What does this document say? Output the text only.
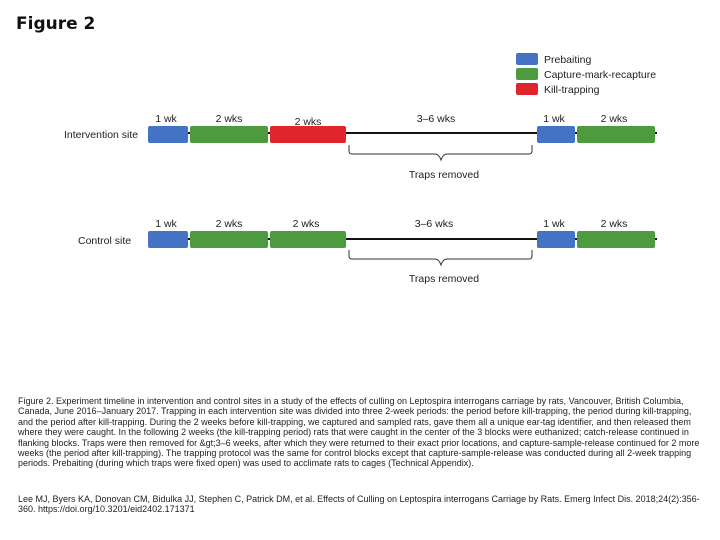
Figure 2
Prebaiting
Capture-mark-recapture
Kill-trapping
Intervention site
1 wk	2 wks	2 wks	3–6 wks	1 wk	2 wks
Traps removed
Control site
1 wk	2 wks	2 wks	3–6 wks	1 wk	2 wks
Traps removed
Figure 2. Experiment timeline in intervention and control sites in a study of the effects of culling on Leptospira interrogans carriage by rats, Vancouver, British Columbia, Canada, June 2016–January 2017. Trapping in each intervention site was divided into three 2-week periods: the period before kill-trapping, the period during kill-trapping, and the period after kill-trapping. During the 2 weeks before kill-trapping, we captured and sampled rats, gave them all a unique ear-tag identifier, and then released them where they were caught. In the following 2 weeks (the kill-trapping period) rats that were caught in the center of the 3 blocks were euthanized; catch-release continued in flanking blocks. Traps were then removed for &gt;3–6 weeks, after which they were returned to their exact prior locations, and capture-sample-release continued for 2 more weeks (the period after kill-trapping). The trapping protocol was the same for control blocks except that capture-sample-release was conducted during all 2-week trapping periods. Prebaiting (during which traps were fixed open) was used to acclimate rats to cages (Technical Appendix).
Lee MJ, Byers KA, Donovan CM, Bidulka JJ, Stephen C, Patrick DM, et al. Effects of Culling on Leptospira interrogans Carriage by Rats. Emerg Infect Dis. 2018;24(2):356-360. https://doi.org/10.3201/eid2402.171371
